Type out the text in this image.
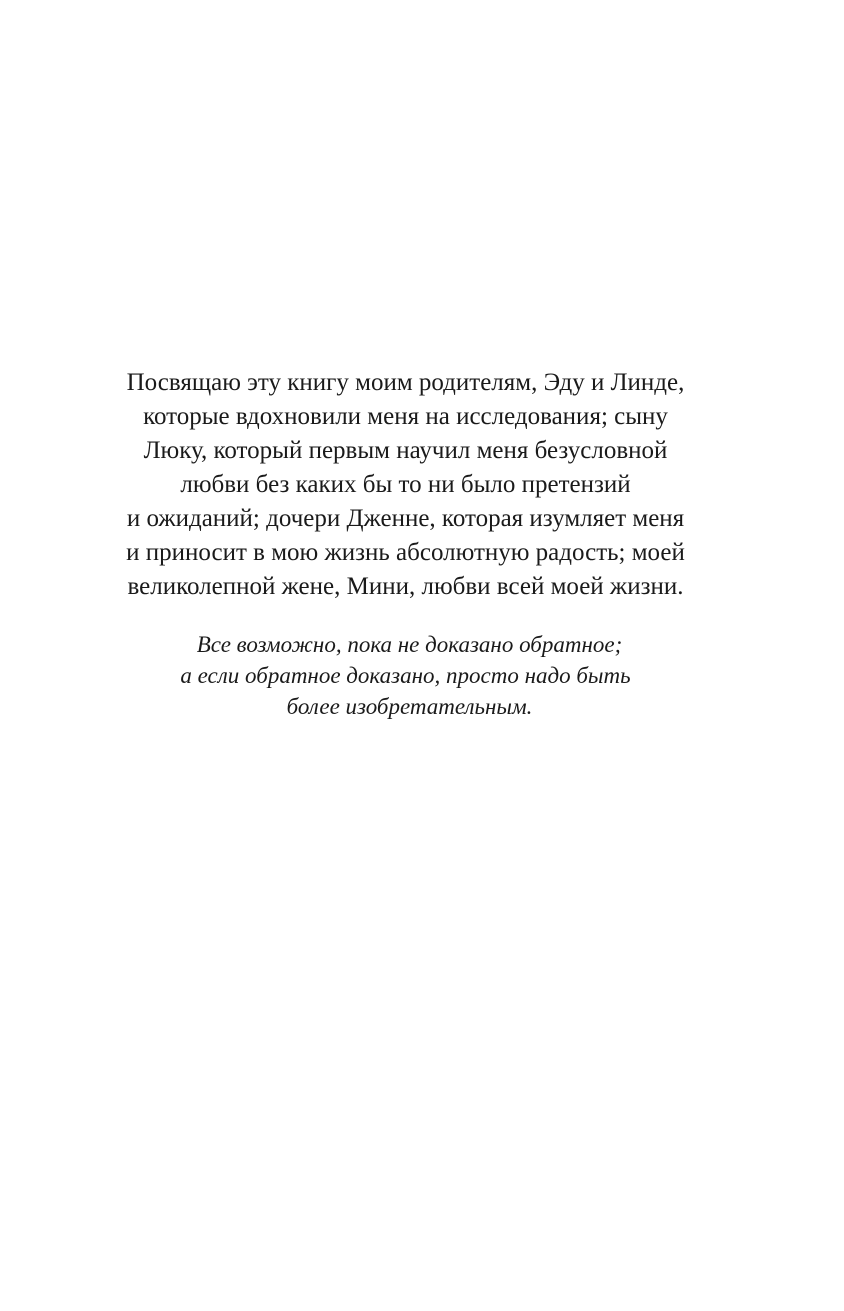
Посвящаю эту книгу моим родителям, Эду и Линде,
которые вдохновили меня на исследования; сыну
Люку, который первым научил меня безусловной
любви без каких бы то ни было претензий
и ожиданий; дочери Дженне, которая изумляет меня
и приносит в мою жизнь абсолютную радость; моей
великолепной жене, Мини, любви всей моей жизни.
Все возможно, пока не доказано обратное;
а если обратное доказано, просто надо быть
более изобретательным.
